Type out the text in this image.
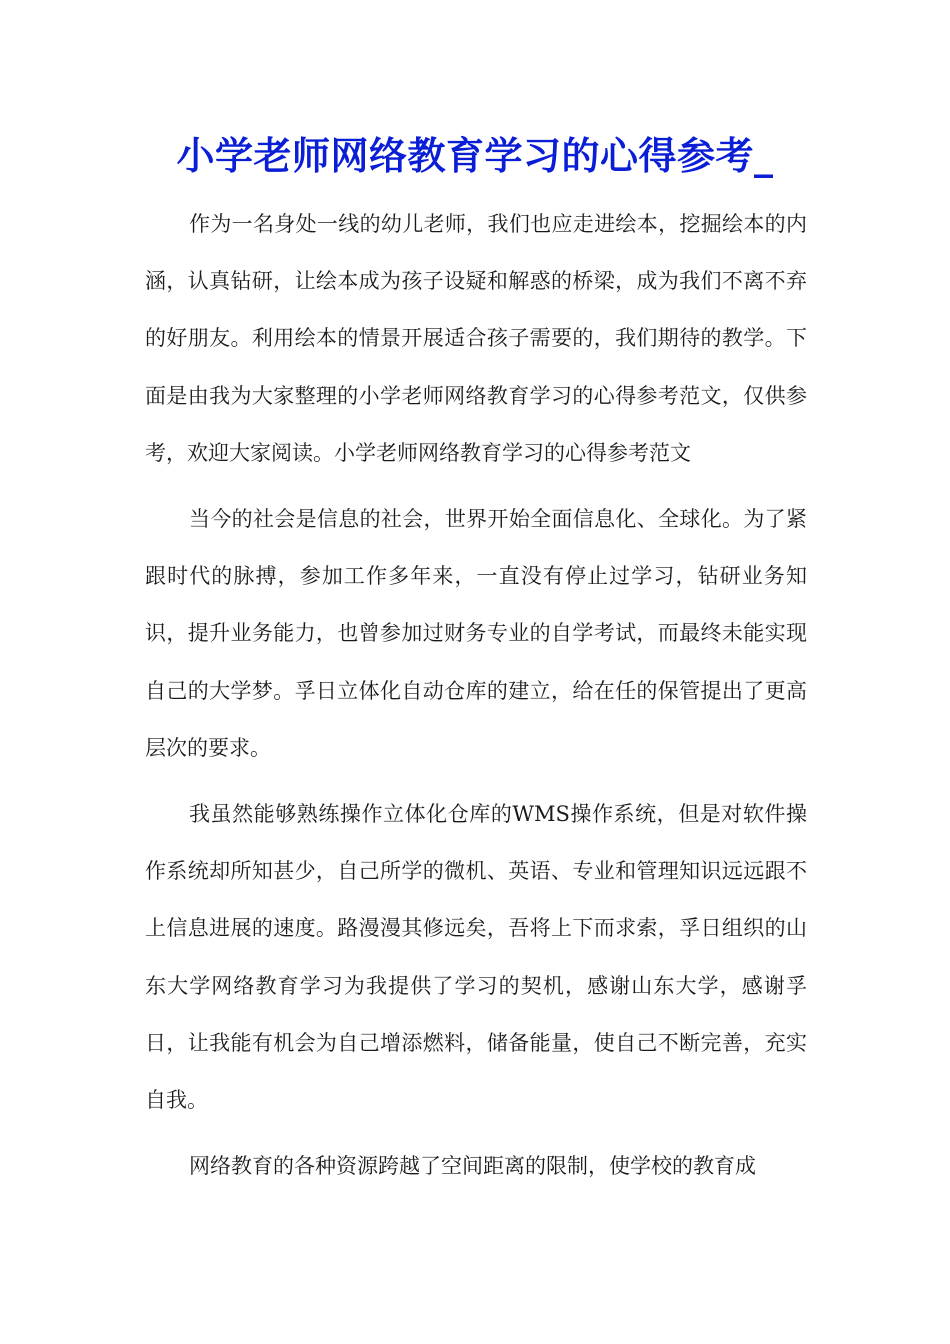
小学老师网络教育学习的心得参考_

作为一名身处一线的幼儿老师，我们也应走进绘本，挖掘绘本的内涵，认真钻研，让绘本成为孩子设疑和解惑的桥梁，成为我们不离不弃的好朋友。利用绘本的情景开展适合孩子需要的，我们期待的教学。下面是由我为大家整理的小学老师网络教育学习的心得参考范文，仅供参考，欢迎大家阅读。小学老师网络教育学习的心得参考范文

当今的社会是信息的社会，世界开始全面信息化、全球化。为了紧跟时代的脉搏，参加工作多年来，一直没有停止过学习，钻研业务知识，提升业务能力，也曾参加过财务专业的自学考试，而最终未能实现自己的大学梦。孚日立体化自动仓库的建立，给在任的保管提出了更高层次的要求。

我虽然能够熟练操作立体化仓库的WMS操作系统，但是对软件操作系统却所知甚少，自己所学的微机、英语、专业和管理知识远远跟不上信息进展的速度。路漫漫其修远矣，吾将上下而求索，孚日组织的山东大学网络教育学习为我提供了学习的契机，感谢山东大学，感谢孚日，让我能有机会为自己增添燃料，储备能量，使自己不断完善，充实自我。

网络教育的各种资源跨越了空间距离的限制，使学校的教育成
